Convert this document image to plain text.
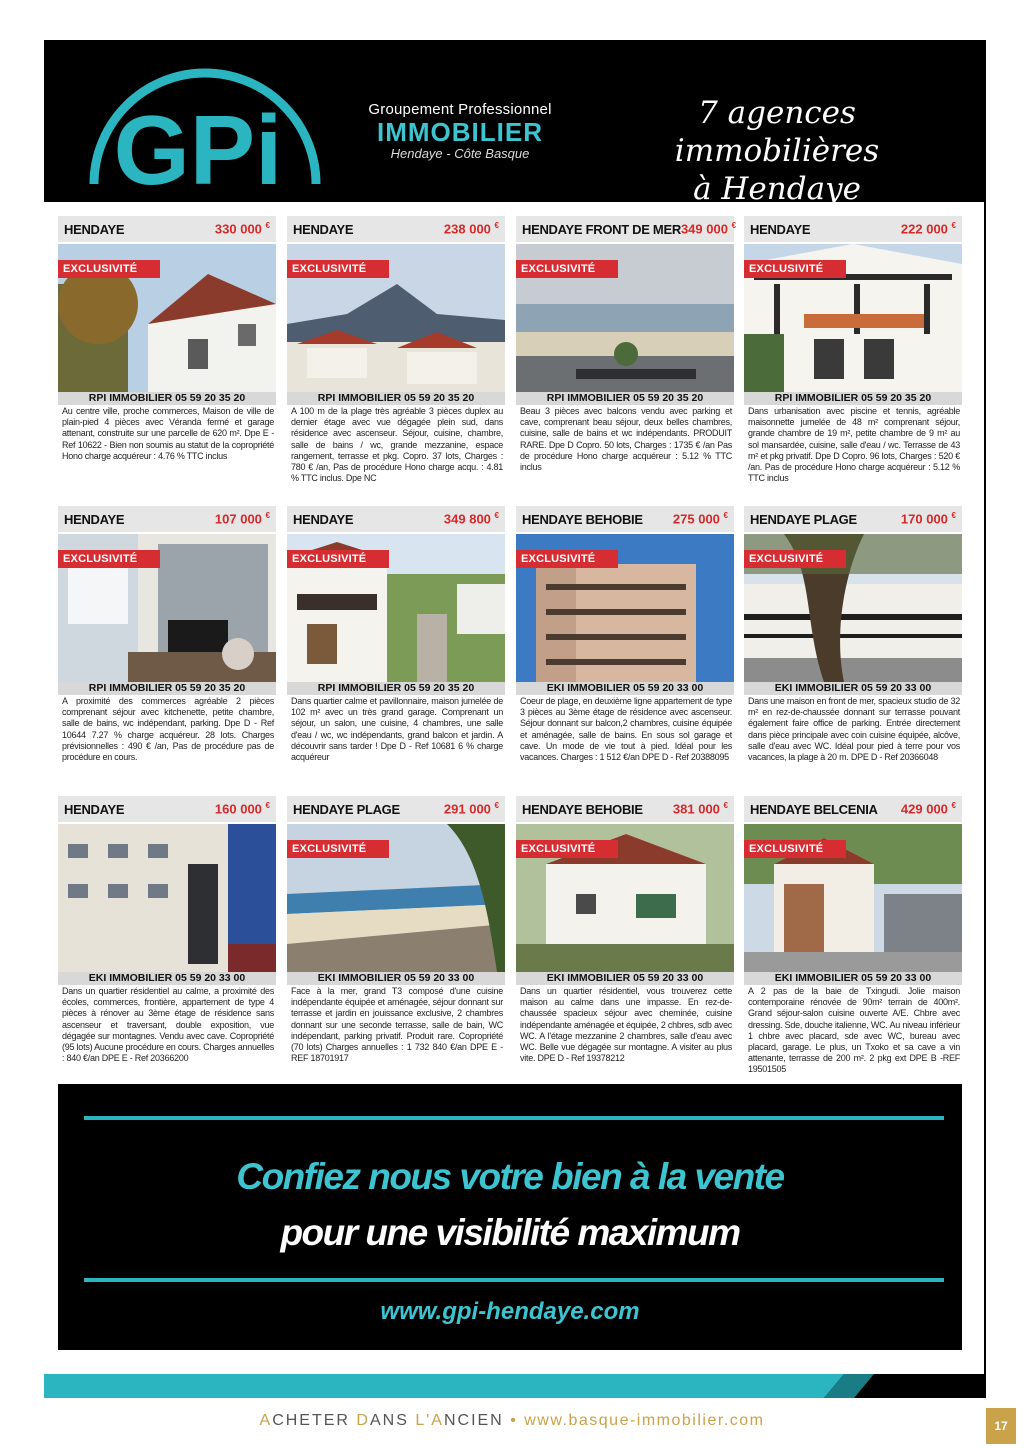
GPi	Groupement Professionnel
IMMOBILIER
Hendaye - Côte Basque
7 agences immobilières
à Hendaye
HENDAYE	330 000 €
EXCLUSIVITÉ
RPI IMMOBILIER 05 59 20 35 20
Au centre ville, proche commerces, Maison de ville de plain-pied 4 pièces avec Véranda fermé et garage attenant, construite sur une parcelle de 620 m². Dpe E - Ref 10622 - Bien non soumis au statut de la copropriété Hono charge acquéreur : 4.76 % TTC inclus
HENDAYE	238 000 €
EXCLUSIVITÉ
RPI IMMOBILIER 05 59 20 35 20
A 100 m de la plage très agréable 3 pièces duplex au dernier étage avec vue dégagée plein sud, dans résidence avec ascenseur. Séjour, cuisine, chambre, salle de bains / wc, grande mezzanine, espace rangement, terrasse et pkg. Copro. 37 lots, Charges : 780 € /an, Pas de procédure Hono charge acqu. : 4.81 % TTC inclus. Dpe NC
HENDAYE FRONT DE MER 349 000 €
EXCLUSIVITÉ
RPI IMMOBILIER 05 59 20 35 20
Beau 3 pièces avec balcons vendu avec parking et cave, comprenant beau séjour, deux belles chambres, cuisine, salle de bains et wc indépendants. PRODUIT RARE. Dpe D Copro. 50 lots, Charges : 1735 € /an Pas de procédure Hono charge acquéreur : 5.12 % TTC inclus
HENDAYE	222 000 €
EXCLUSIVITÉ
RPI IMMOBILIER 05 59 20 35 20
Dans urbanisation avec piscine et tennis, agréable maisonnette jumelée de 48 m² comprenant séjour, grande chambre de 19 m², petite chambre de 9 m² au sol mansardée, cuisine, salle d'eau / wc. Terrasse de 43 m² et pkg privatif. Dpe D Copro. 96 lots, Charges : 520 € /an. Pas de procédure Hono charge acquéreur : 5.12 % TTC inclus
HENDAYE	107 000 €
EXCLUSIVITÉ
RPI IMMOBILIER 05 59 20 35 20
A proximité des commerces agréable 2 pièces comprenant séjour avec kitchenette, petite chambre, salle de bains, wc indépendant, parking. Dpe D - Ref 10644 7.27 % charge acquéreur. 28 lots. Charges prévisionnelles : 490 € /an, Pas de procédure pas de procédure en cours.
HENDAYE	349 800 €
EXCLUSIVITÉ
RPI IMMOBILIER 05 59 20 35 20
Dans quartier calme et pavillonnaire, maison jumelée de 102 m² avec un très grand garage. Comprenant un séjour, un salon, une cuisine, 4 chambres, une salle d'eau / wc, wc indépendants, grand balcon et jardin. A découvrir sans tarder ! Dpe D - Ref 10681 6 % charge acquéreur
HENDAYE BEHOBIE 275 000 €
EXCLUSIVITÉ
EKI IMMOBILIER 05 59 20 33 00
Coeur de plage, en deuxième ligne appartement de type 3 pièces au 3ème étage de résidence avec ascenseur. Séjour donnant sur balcon,2 chambres, cuisine équipée et aménagée, salle de bains. En sous sol garage et cave. Un mode de vie tout à pied. Idéal pour les vacances. Charges : 1 512 €/an DPE D - Ref 20388095
HENDAYE PLAGE	170 000 €
EXCLUSIVITÉ
EKI IMMOBILIER 05 59 20 33 00
Dans une maison en front de mer, spacieux studio de 32 m² en rez-de-chaussée donnant sur terrasse pouvant également faire office de parking. Entrée directement dans pièce principale avec coin cuisine équipée, alcôve, salle d'eau avec WC. Idéal pour pied à terre pour vos vacances, la plage à 20 m. DPE D - Ref 20366048
HENDAYE	160 000 €
EKI IMMOBILIER 05 59 20 33 00
Dans un quartier résidentiel au calme, a proximité des écoles, commerces, frontière, appartement de type 4 pièces à rénover au 3ème étage de résidence sans ascenseur et traversant, double exposition, vue dégagée sur montagnes. Vendu avec cave. Copropriété (95 lots) Aucune procédure en cours. Charges annuelles : 840 €/an DPE E - Ref 20366200
HENDAYE PLAGE	291 000 €
EXCLUSIVITÉ
EKI IMMOBILIER 05 59 20 33 00
Face à la mer, grand T3 composé d'une cuisine indépendante équipée et aménagée, séjour donnant sur terrasse et jardin en jouissance exclusive, 2 chambres donnant sur une seconde terrasse, salle de bain, WC indépendant, parking privatif. Produit rare. Copropriété (70 lots) Charges annuelles : 1 732 840 €/an DPE E - REF 18701917
HENDAYE BEHOBIE 381 000 €
EXCLUSIVITÉ
EKI IMMOBILIER 05 59 20 33 00
Dans un quartier résidentiel, vous trouverez cette maison au calme dans une impasse. En rez-de-chaussée spacieux séjour avec cheminée, cuisine indépendante aménagée et équipée, 2 chbres, sdb avec WC. A l'étage mezzanine 2 chambres, salle d'eau avec WC. Belle vue dégagée sur montagne. A visiter au plus vite. DPE D - Ref 19378212
HENDAYE BELCENIA 429 000 €
EXCLUSIVITÉ
EKI IMMOBILIER 05 59 20 33 00
A 2 pas de la baie de Txingudi. Jolie maison contemporaine rénovée de 90m² terrain de 400m². Grand séjour-salon cuisine ouverte A/E. Chbre avec dressing. Sde, douche italienne, WC. Au niveau inférieur 1 chbre avec placard, sde avec WC, bureau avec placard, garage. Le plus, un Txoko et sa cave a vin attenante, terrasse de 200 m². 2 pkg ext DPE B -REF 19501505
Confiez nous votre bien à la vente
pour une visibilité maximum
www.gpi-hendaye.com
ACHETER DANS L'ANCIEN • www.basque-immobilier.com	17
